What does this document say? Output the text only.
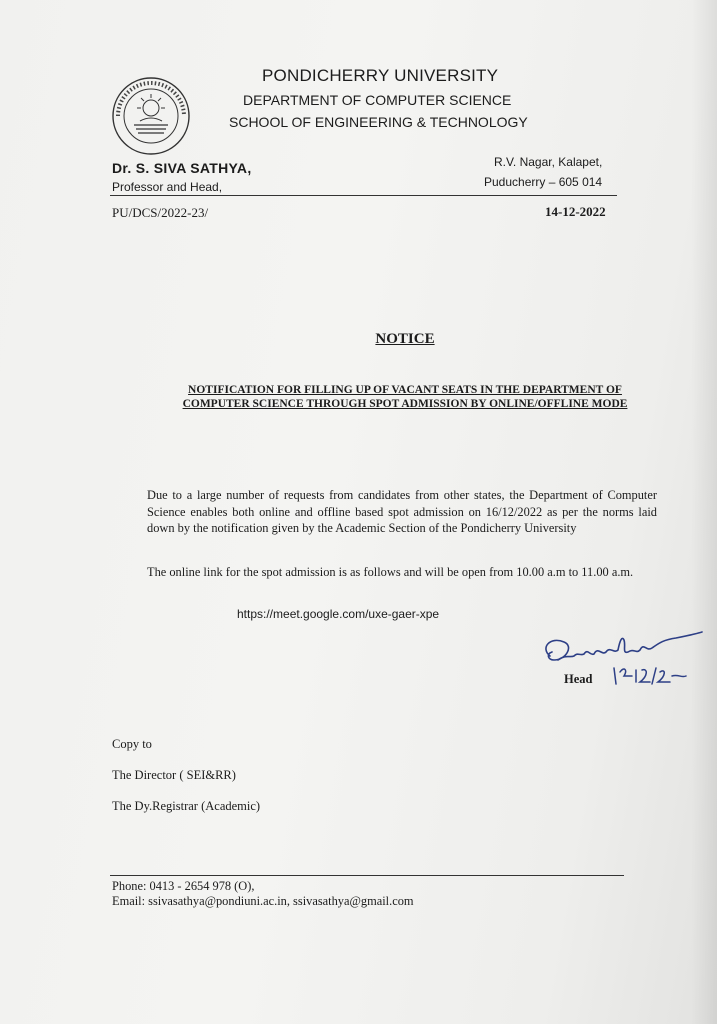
PONDICHERRY UNIVERSITY
DEPARTMENT OF COMPUTER SCIENCE
SCHOOL OF ENGINEERING & TECHNOLOGY
Dr. S. SIVA SATHYA,
Professor and Head,
R.V. Nagar, Kalapet,
Puducherry – 605 014
PU/DCS/2022-23/	14-12-2022
NOTICE
NOTIFICATION FOR FILLING UP OF VACANT SEATS IN THE DEPARTMENT OF COMPUTER SCIENCE THROUGH SPOT ADMISSION BY ONLINE/OFFLINE MODE
Due to a large number of requests from candidates from other states, the Department of Computer Science enables both online and offline based spot admission on 16/12/2022 as per the norms laid down by the notification given by the Academic Section of the Pondicherry University
The online link for the spot admission is as follows and will be open from 10.00 a.m to 11.00 a.m.
https://meet.google.com/uxe-gaer-xpe
Head
Copy to
The Director ( SEI&RR)
The Dy.Registrar (Academic)
Phone: 0413 - 2654 978 (O),
Email: ssivasathya@pondiuni.ac.in, ssivasathya@gmail.com
